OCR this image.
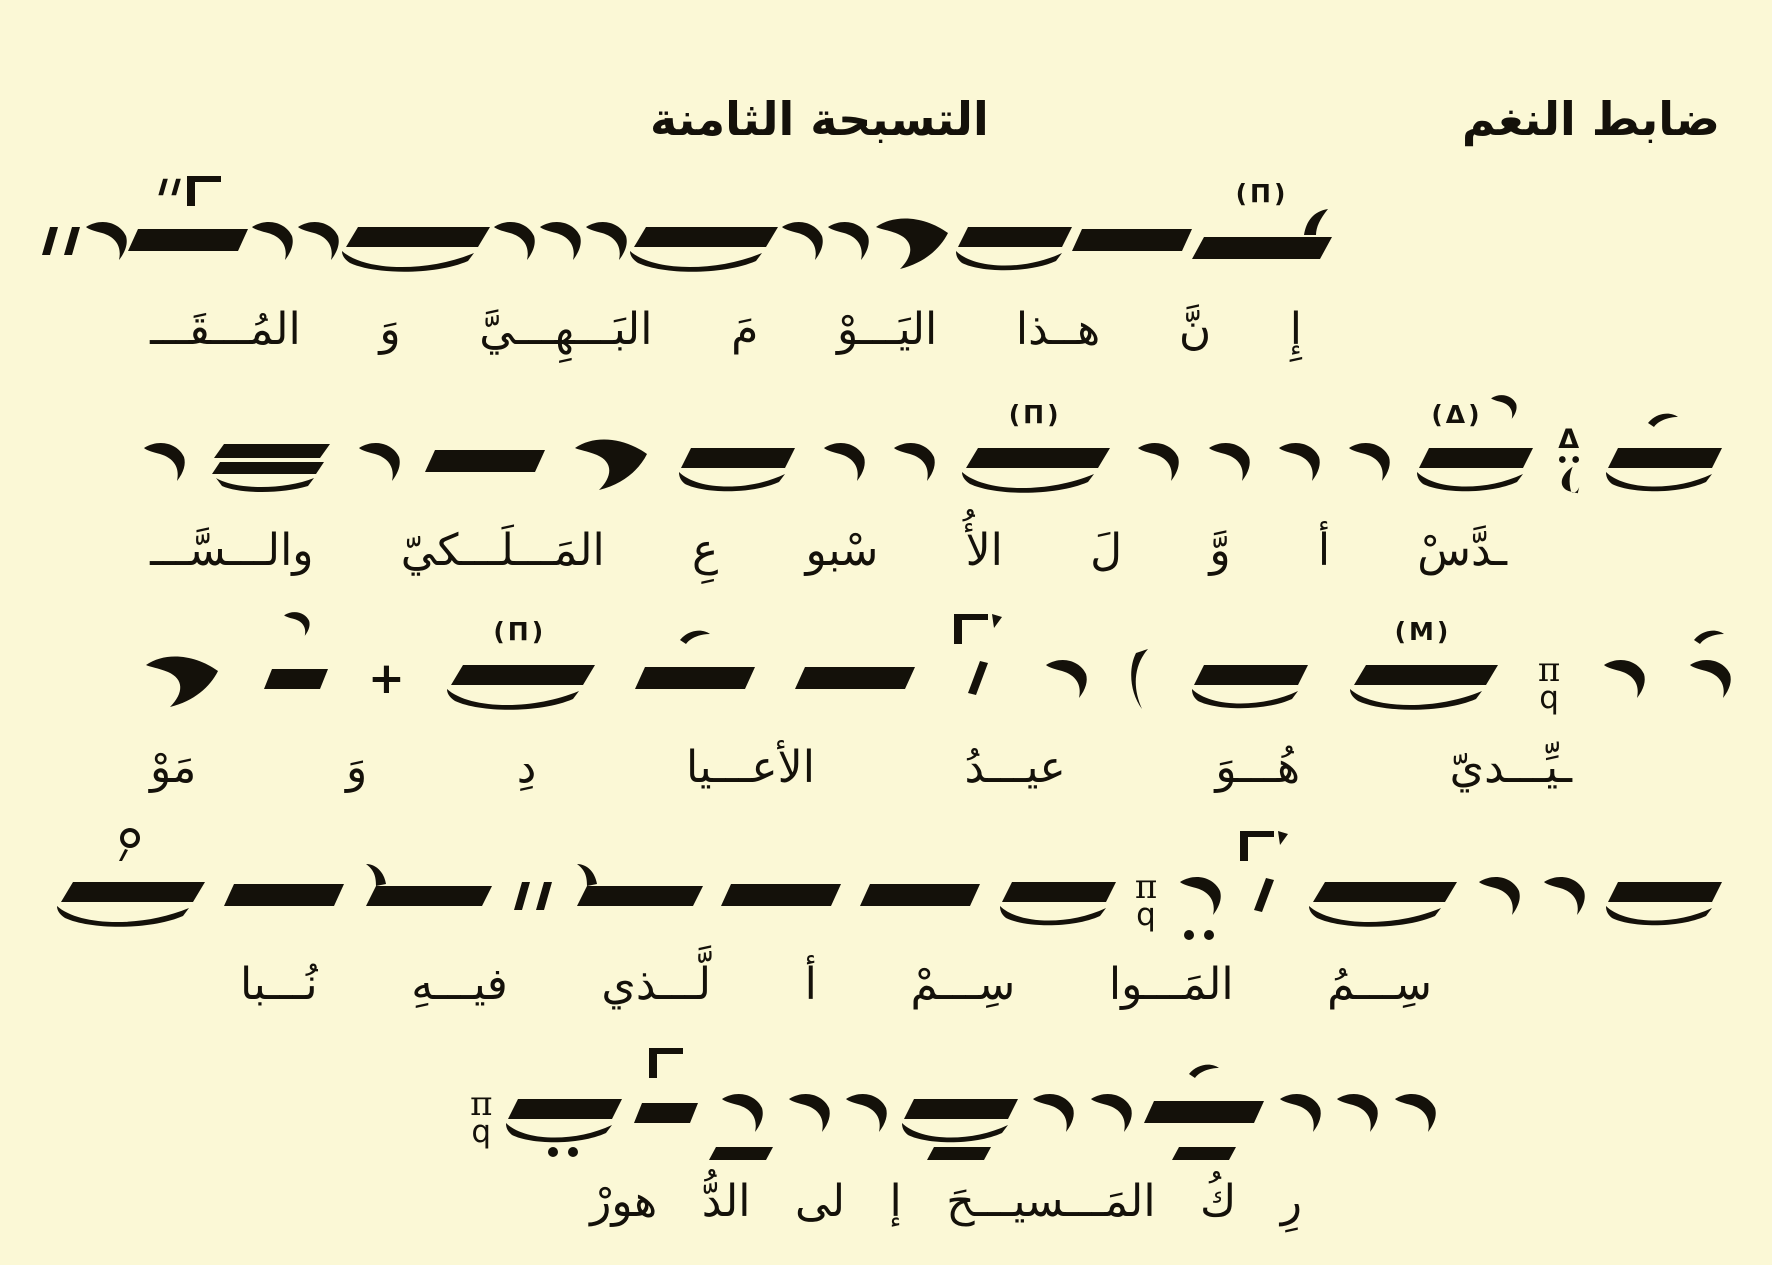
التسبحة الثامنة	ضابط النغم
(Π)
إِ
نَّ
هــذا
اليَـــوْ
مَ
البَـــهِـــيَّ
وَ
المُـــقَـــ
Δ
(Δ)
(Π)
ـدَّسْ
أ
وَّ
لَ
الأُ
سْبو
عِ
المَـــلَـــكيّ
والـــسَّـــ
π
q
(M)
(Π)
+
ـيِّـــديّ
هُـــوَ
عيـــدُ
الأعـــيا
دِ
وَ
مَوْ
π
q
سِـــمُ
المَـــوا
سِـــمْ
أ
لَّـــذي
فيـــهِ
نُـــبا
π
q
رِ
كُ
المَـــسيـــحَ
إ
لى
الدُّ
هورْ
